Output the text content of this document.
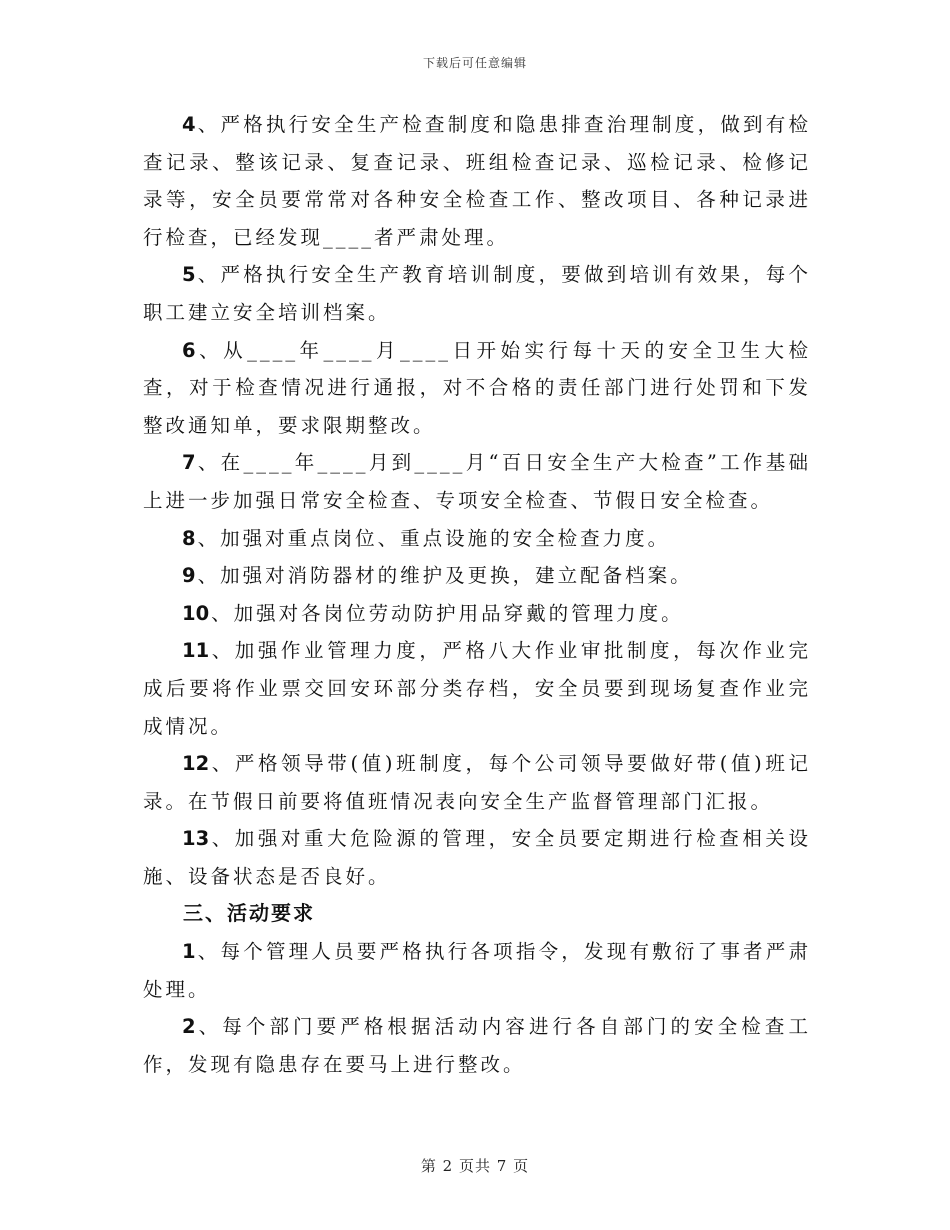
下载后可任意编辑

4 、严格执行安全生产检查制度和隐患排查治理制度，做到有检查记录、整该记录、复查记录、班组检查记录、巡检记录、检修记录等，安全员要常常对各种安全检查工作、整改项目、各种记录进行检查，已经发现____者严肃处理。

5 、严格执行安全生产教育培训制度，要做到培训有效果，每个职工建立安全培训档案。

6 、从____年____月____日开始实行每十天的安全卫生大检查，对于检查情况进行通报，对不合格的责任部门进行处罚和下发整改通知单，要求限期整改。

7 、在____年____月到____月“百日安全生产大检查”工作基础上进一步加强日常安全检查、专项安全检查、节假日安全检查。

8 、加强对重点岗位、重点设施的安全检查力度。

9 、加强对消防器材的维护及更换，建立配备档案。

10 、加强对各岗位劳动防护用品穿戴的管理力度。

11 、加强作业管理力度，严格八大作业审批制度，每次作业完成后要将作业票交回安环部分类存档，安全员要到现场复查作业完成情况。

12 、严格领导带(值)班制度，每个公司领导要做好带(值)班记录。在节假日前要将值班情况表向安全生产监督管理部门汇报。

13 、加强对重大危险源的管理，安全员要定期进行检查相关设施、设备状态是否良好。

三、活动要求

1 、每个管理人员要严格执行各项指令，发现有敷衍了事者严肃处理。

2 、每个部门要严格根据活动内容进行各自部门的安全检查工作，发现有隐患存在要马上进行整改。

第 2 页共 7 页
